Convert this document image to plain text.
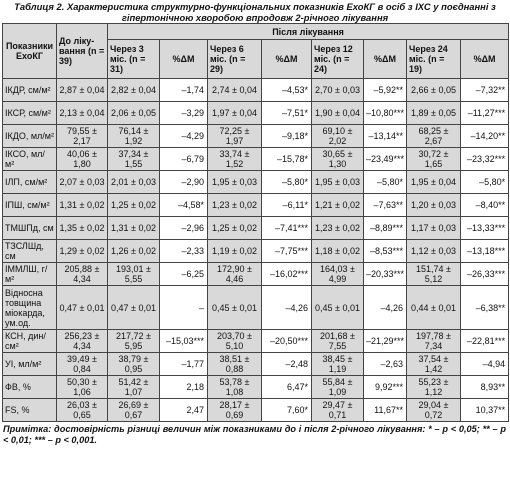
Таблиця 2. Характеристика структурно-функціональних показників ЕхоКГ в осіб з ІХС у поєднанні з гіпертонічною хворобою впродовж 2-річного лікування
Показники ЕхоКГ	До ліку-вання (n = 39)	Після лікування							
		Через 3 міс. (n = 31)	%ΔМ	Через 6 міс. (n = 29)	%ΔМ	Через 12 міс. (n = 24)	%ΔМ	Через 24 міс. (n = 19)	%ΔМ
ІКДР, см/м²	2,87 ± 0,04	2,82 ± 0,04	–1,74	2,74 ± 0,04	–4,53*	2,70 ± 0,03	–5,92**	2,66 ± 0,05	–7,32**
ІКСР, см/м²	2,13 ± 0,04	2,06 ± 0,05	–3,29	1,97 ± 0,04	–7,51*	1,90 ± 0,04	–10,80***	1,89 ± 0,05	–11,27***
ІКДО, мл/м²	79,55 ± 2,17	76,14 ± 1,92	–4,29	72,25 ± 1,97	–9,18*	69,10 ± 2,02	–13,14**	68,25 ± 2,67	–14,20**
ІКСО, мл/м²	40,06 ± 1,80	37,34 ± 1,55	–6,79	33,74 ± 1,52	–15,78*	30,65 ± 1,30	–23,49***	30,72 ± 1,65	–23,32***
ІЛП, см/м²	2,07 ± 0,03	2,01 ± 0,03	–2,90	1,95 ± 0,03	–5,80*	1,95 ± 0,03	–5,80*	1,95 ± 0,04	–5,80*
ІПШ, см/м²	1,31 ± 0,02	1,25 ± 0,02	–4,58*	1,23 ± 0,02	–6,11*	1,21 ± 0,02	–7,63**	1,20 ± 0,03	–8,40**
ТМШПд, см	1,35 ± 0,02	1,31 ± 0,02	–2,96	1,25 ± 0,02	–7,41***	1,23 ± 0,02	–8,89***	1,17 ± 0,03	–13,33***
ТЗСЛШд, см	1,29 ± 0,02	1,26 ± 0,02	–2,33	1,19 ± 0,02	–7,75***	1,18 ± 0,02	–8,53***	1,12 ± 0,03	–13,18***
ІММЛШ, г/м²	205,88 ± 4,34	193,01 ± 5,55	–6,25	172,90 ± 4,46	–16,02***	164,03 ± 4,99	–20,33***	151,74 ± 5,12	–26,33***
Відносна товщина міокарда, ум.од.	0,47 ± 0,01	0,47 ± 0,01	–	0,45 ± 0,01	–4,26	0,45 ± 0,01	–4,26	0,44 ± 0,01	–6,38**
КСН, дин/см²	256,23 ± 4,34	217,72 ± 5,95	–15,03***	203,70 ± 5,10	–20,50***	201,68 ± 7,55	–21,29***	197,78 ± 7,34	–22,81***
УІ, мл/м²	39,49 ± 0,84	38,79 ± 0,95	–1,77	38,51 ± 0,88	–2,48	38,45 ± 1,19	–2,63	37,54 ± 1,42	–4,94
ФВ, %	50,30 ± 1,06	51,42 ± 1,07	2,18	53,78 ± 1,08	6,47*	55,84 ± 1,09	9,92***	55,23 ± 1,12	8,93**
FS, %	26,03 ± 0,65	26,69 ± 0,67	2,47	28,17 ± 0,69	7,60*	29,47 ± 0,71	11,67**	29,04 ± 0,72	10,37**
Примітка: достовірність різниці величин між показниками до і після 2-річного лікування: * – р < 0,05; ** – р < 0,01; *** – р < 0,001.
